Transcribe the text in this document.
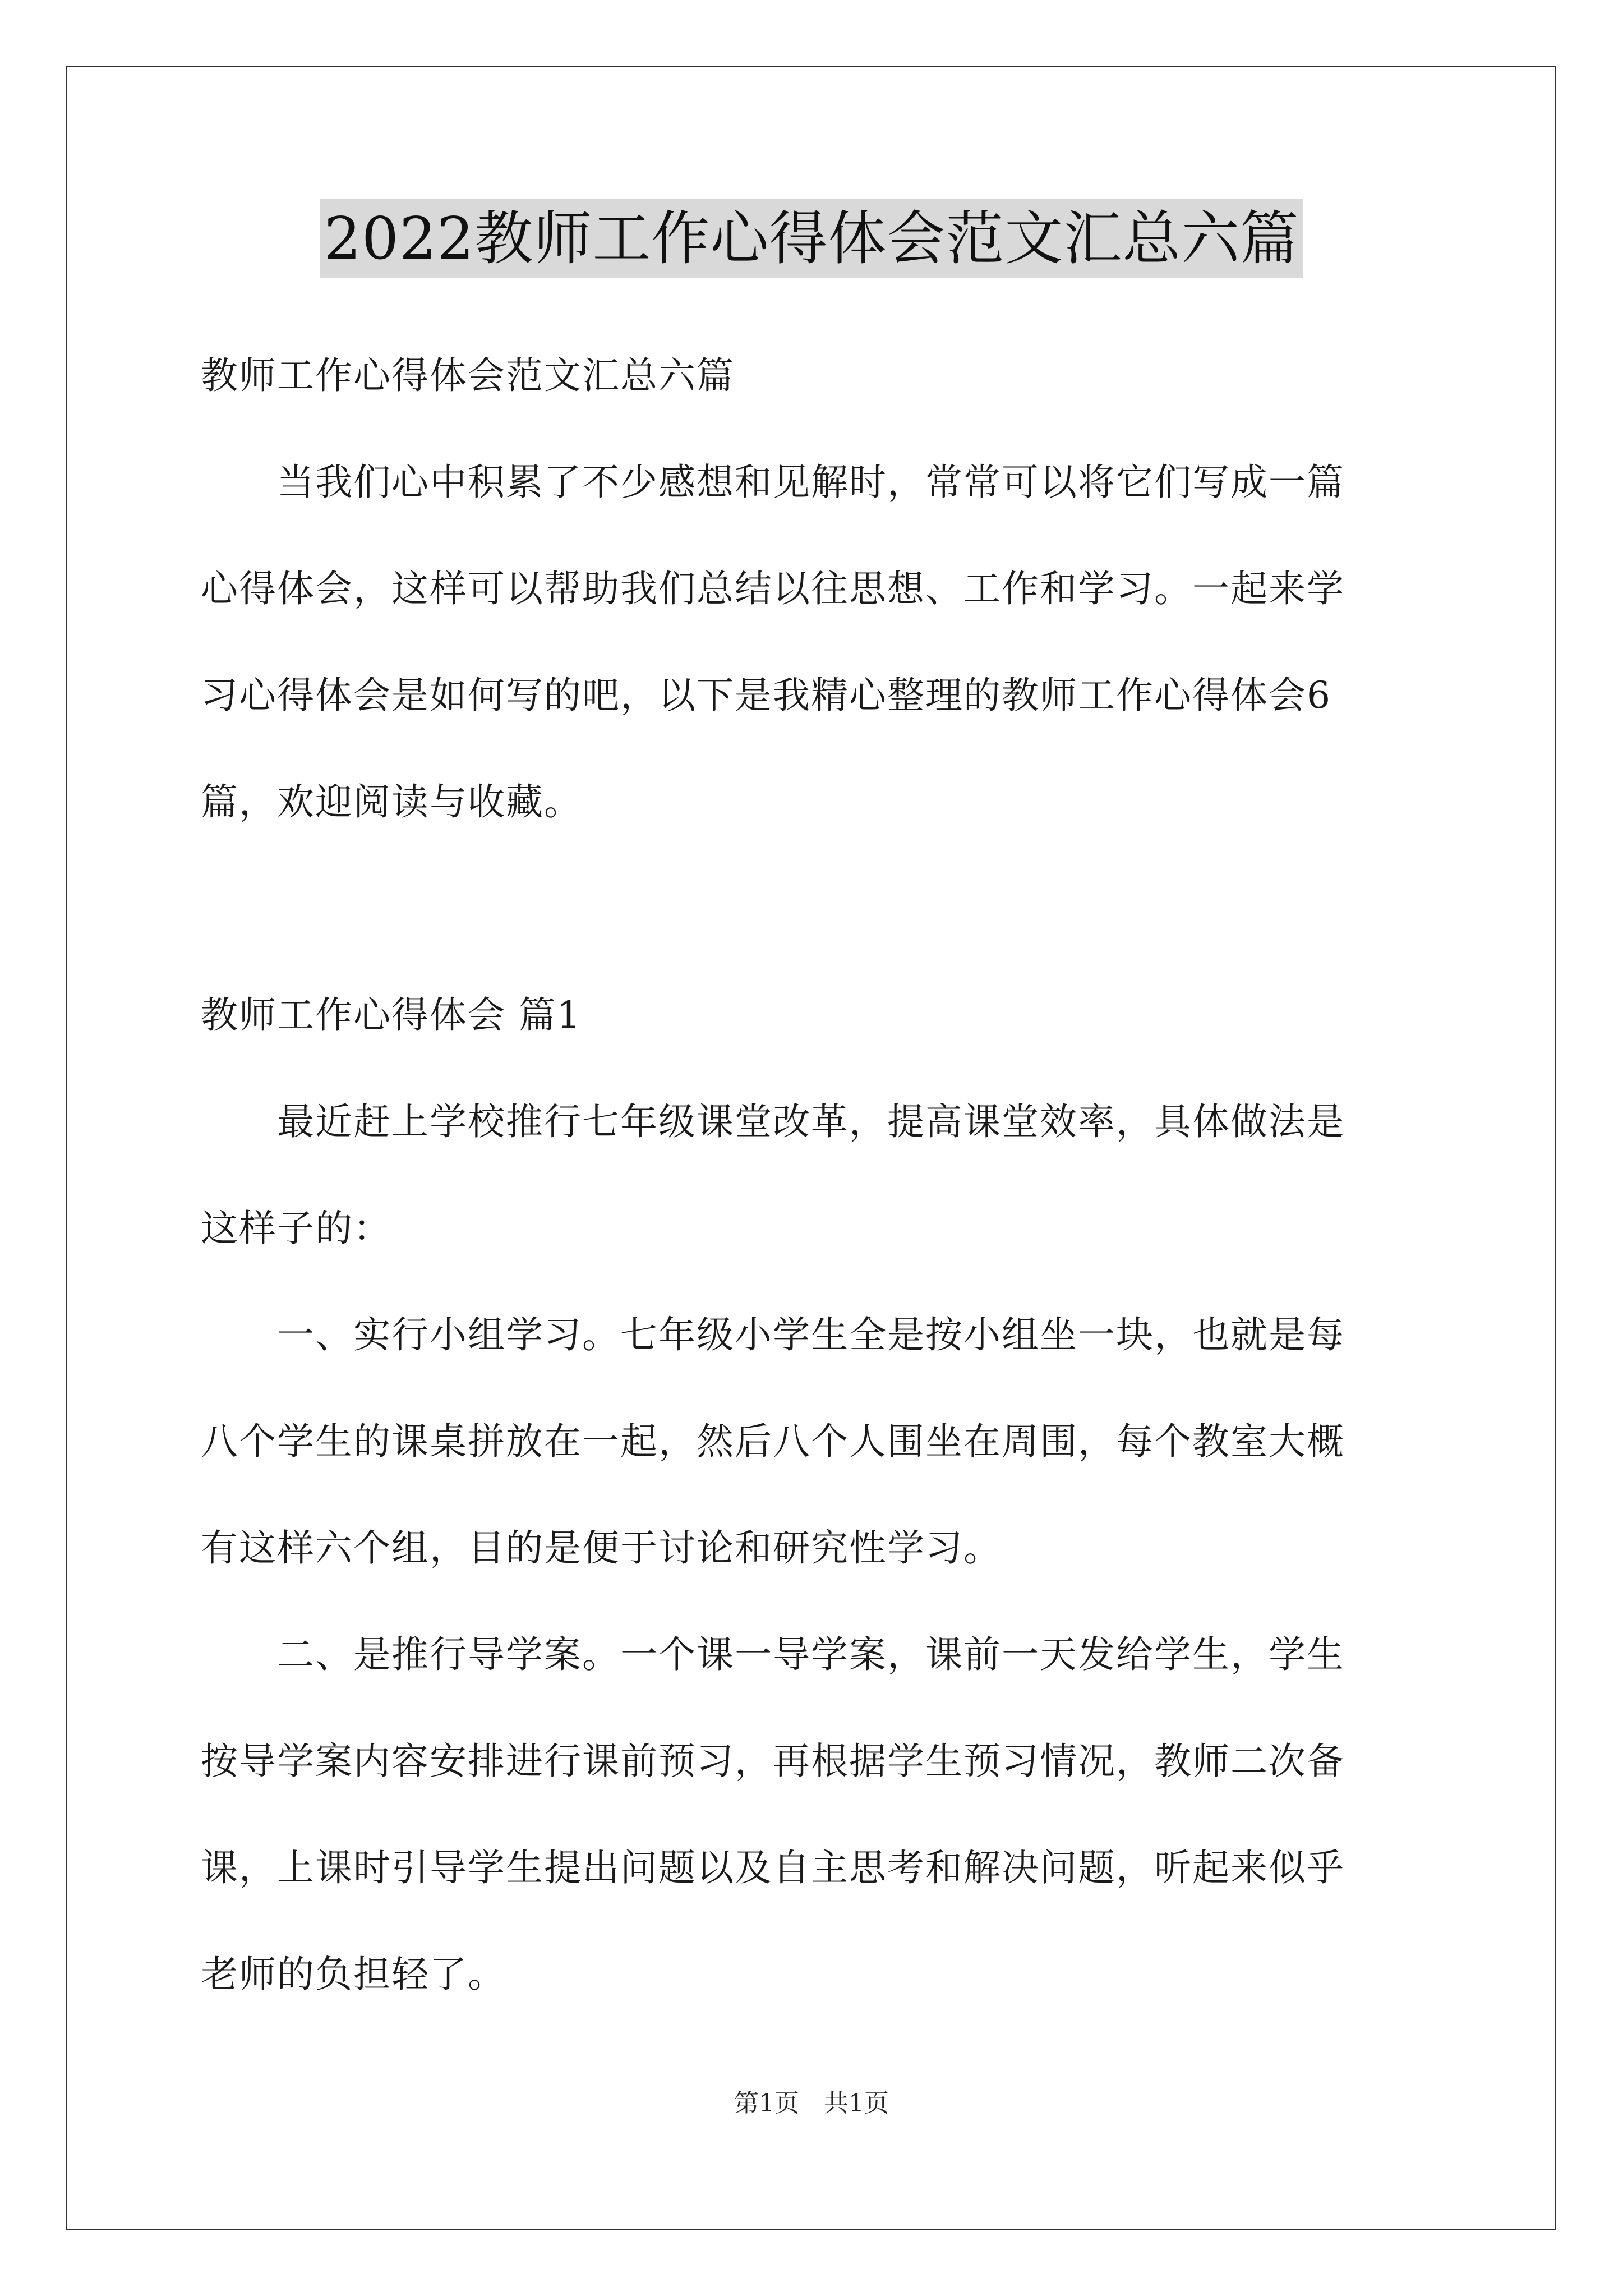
2022教师工作心得体会范文汇总六篇
教师工作心得体会范文汇总六篇
　　当我们心中积累了不少感想和见解时，常常可以将它们写成一篇
心得体会，这样可以帮助我们总结以往思想、工作和学习。一起来学
习心得体会是如何写的吧，以下是我精心整理的教师工作心得体会6
篇，欢迎阅读与收藏。
教师工作心得体会 篇1
　　最近赶上学校推行七年级课堂改革，提高课堂效率，具体做法是
这样子的：
　　一、实行小组学习。七年级小学生全是按小组坐一块，也就是每
八个学生的课桌拼放在一起，然后八个人围坐在周围，每个教室大概
有这样六个组，目的是便于讨论和研究性学习。
　　二、是推行导学案。一个课一导学案，课前一天发给学生，学生
按导学案内容安排进行课前预习，再根据学生预习情况，教师二次备
课，上课时引导学生提出问题以及自主思考和解决问题，听起来似乎
老师的负担轻了。
第1页　共1页
